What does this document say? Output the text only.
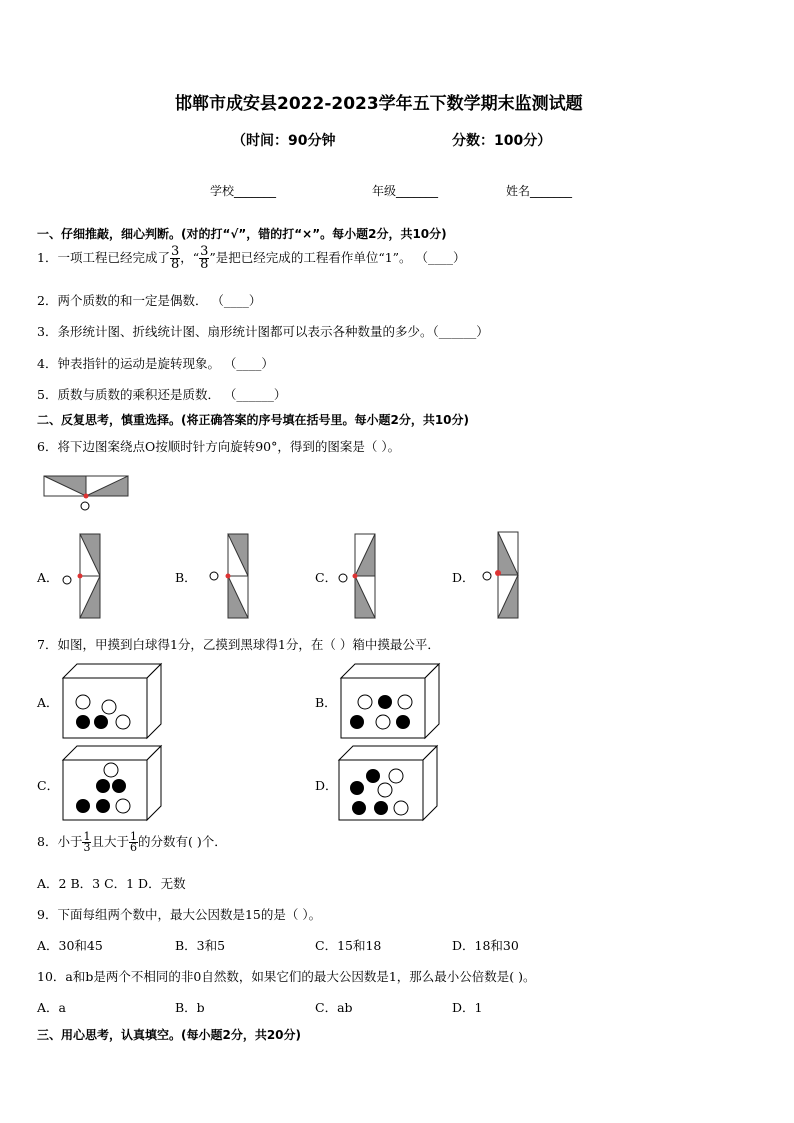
邯郸市成安县2022-2023学年五下数学期末监测试题
（时间：90分钟	分数：100分）
学校_______	年级_______	姓名_______
一、仔细推敲，细心判断。(对的打“√”，错的打“×”。每小题2分，共10分)
1．一项工程已经完成了 $\frac{3}{8}$ ，“ $\frac{3}{8}$ ”是把已经完成的工程看作单位“1”。 （____）
2．两个质数的和一定是偶数． （____）
3．条形统计图、折线统计图、扇形统计图都可以表示各种数量的多少。（______）
4．钟表指针的运动是旋转现象。 （____）
5．质数与质数的乘积还是质数． （______）
二、反复思考，慎重选择。(将正确答案的序号填在括号里。每小题2分，共10分)
6．将下边图案绕点O按顺时针方向旋转90°，得到的图案是（ ）。
A．	B．	C．	D．
7．如图，甲摸到白球得1分，乙摸到黑球得1分，在（ ）箱中摸最公平．
A．	B．
C．	D．
8．小于 $\frac{1}{3}$ 且大于 $\frac{1}{6}$ 的分数有( )个．
A．2 B．3 C．1 D．无数
9．下面每组两个数中，最大公因数是15的是（ ）。
A．30和45	B．3和5	C．15和18	D．18和30
10．a和b是两个不相同的非0自然数，如果它们的最大公因数是1，那么最小公倍数是( )。
A．a	B．b	C．ab	D．1
三、用心思考，认真填空。(每小题2分，共20分)
